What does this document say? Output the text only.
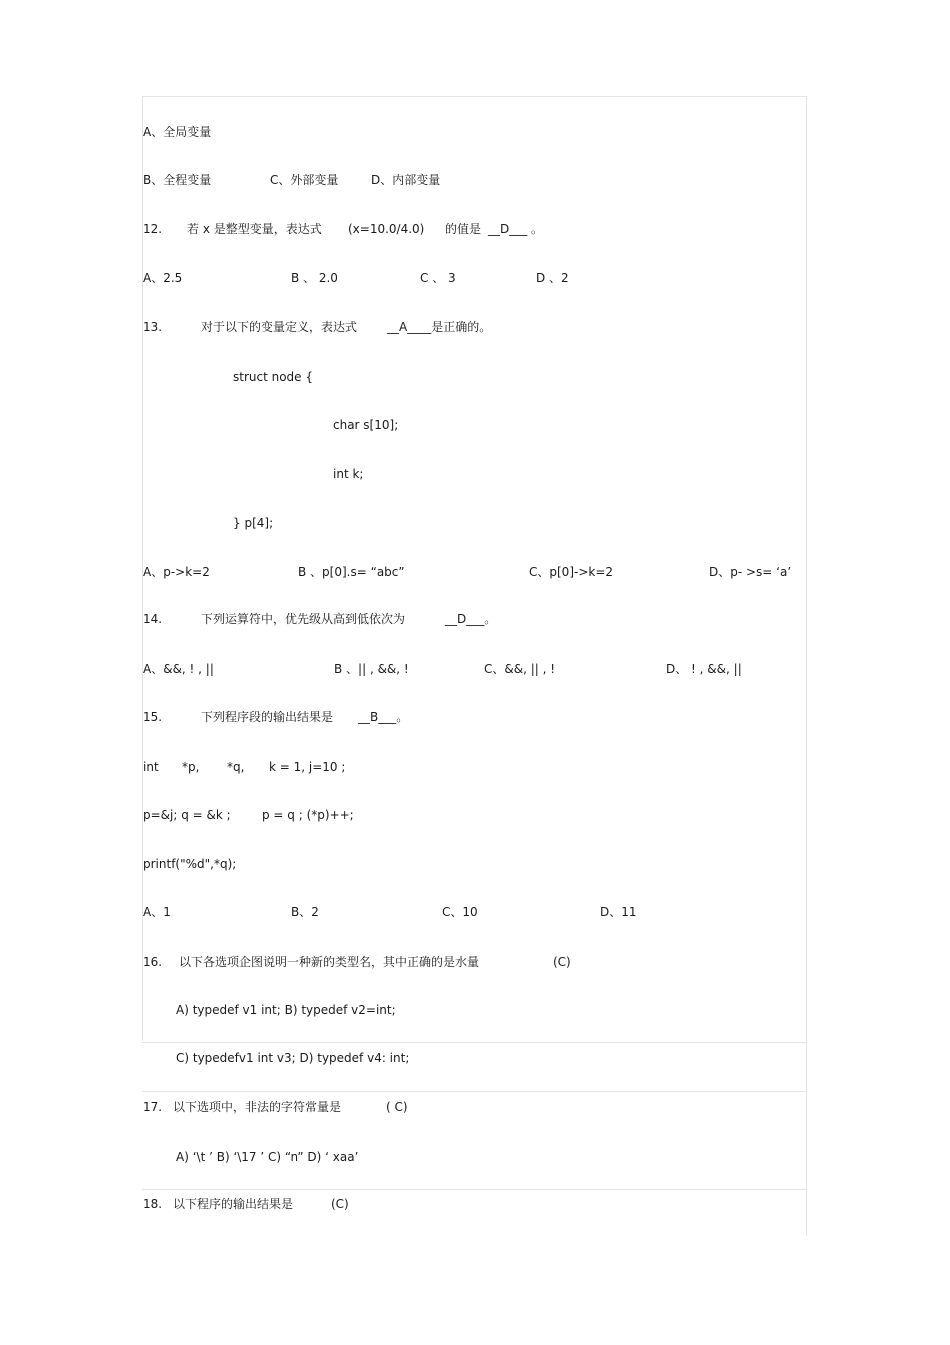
A、全局变量
B、全程变量	C、外部变量	D、内部变量
12. 若 x 是整型变量，表达式 (x=10.0/4.0) 的值是 __D___ 。
A、2.5	B 、 2.0	C 、 3	D 、2
13.	对于以下的变量定义，表达式 __A____是正确的。
struct node {
char s[10];
int k;
} p[4];
A、p->k=2	B 、p[0].s= “abc”	C、p[0]->k=2	D、p- >s= ‘a’
14.	下列运算符中，优先级从高到低依次为	__D___。
A、&&, ! , ||	B 、|| , &&, !	C、&&, || , !	D、 ! , &&, ||
15.	下列程序段的输出结果是 __B___。
int *p, *q, k = 1, j=10 ;
p=&j; q = &k ;	p = q ; (*p)++;
printf("%d",*q);
A、1	B、2	C、10	D、11
16. 以下各选项企图说明一种新的类型名，其中正确的是水量	(C)
A) typedef v1 int; B) typedef v2=int;
C) typedefv1 int v3; D) typedef v4: int;
17. 以下选项中，非法的字符常量是	( C)
A) ‘\t ’ B) ‘\17 ’ C) “n” D) ‘ xaa’
18. 以下程序的输出结果是	(C)
